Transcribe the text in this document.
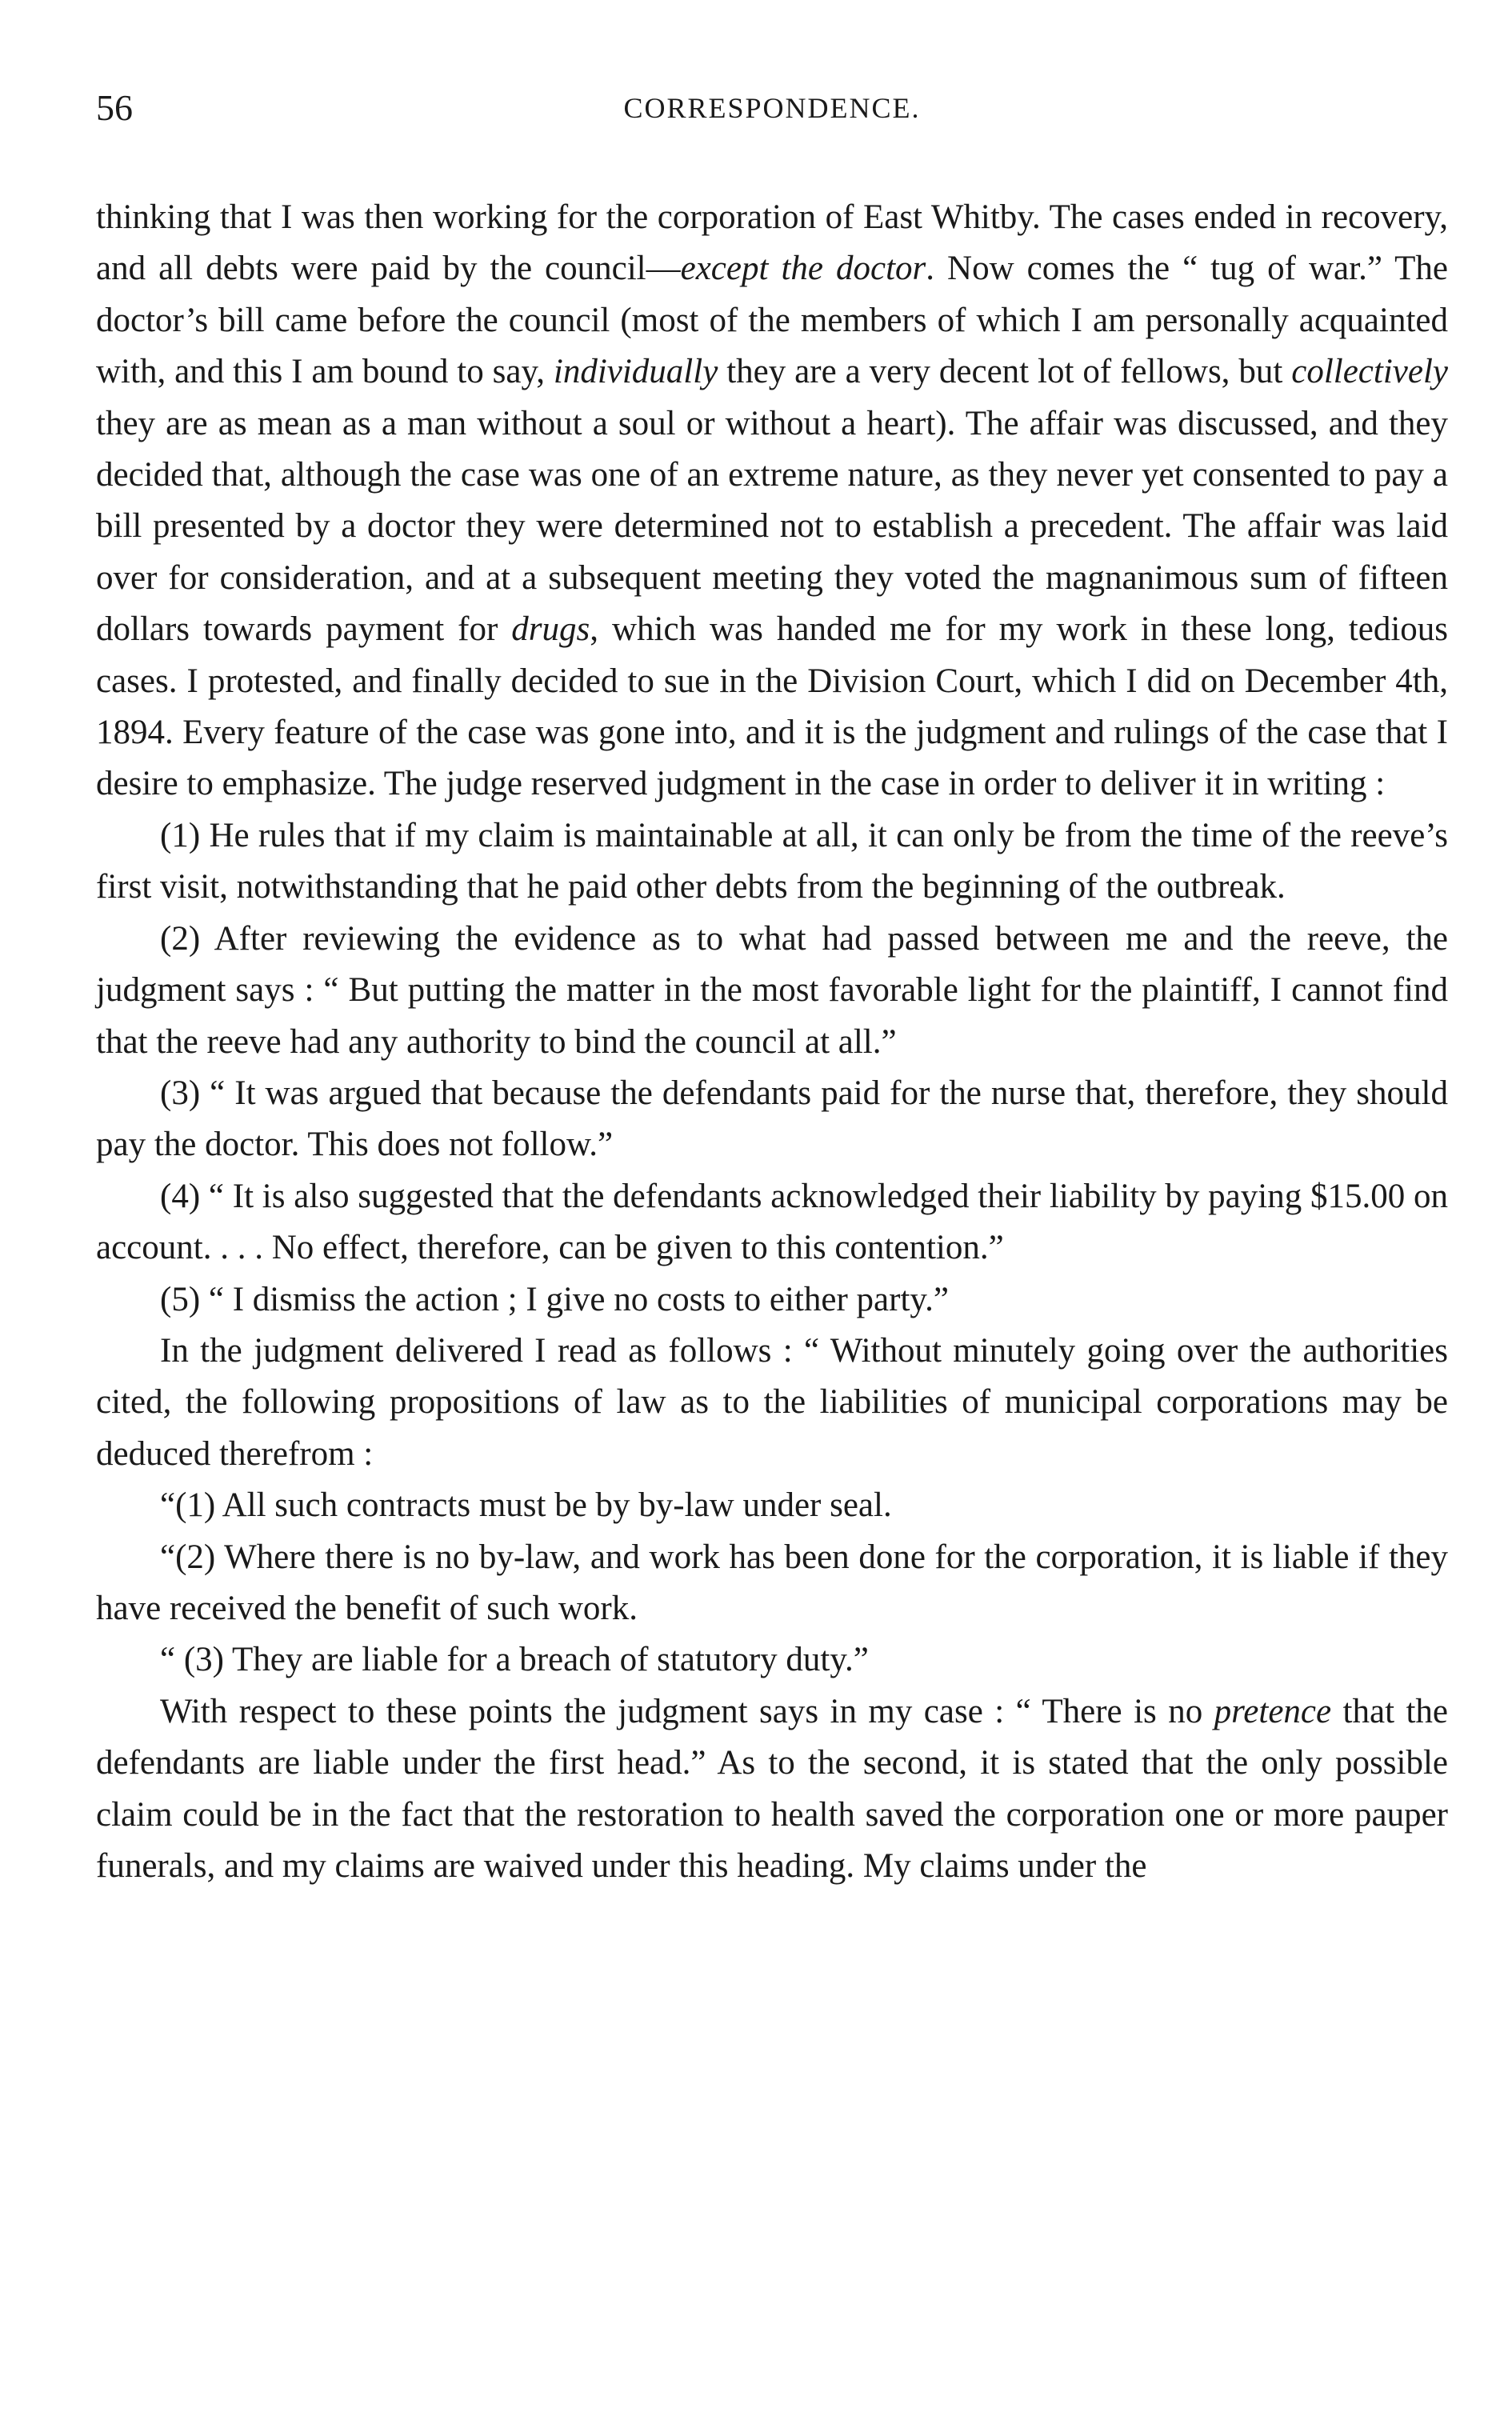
56	CORRESPONDENCE.

thinking that I was then working for the corporation of East Whitby. The cases ended in recovery, and all debts were paid by the council—except the doctor. Now comes the “ tug of war.” The doctor’s bill came before the council (most of the members of which I am personally acquainted with, and this I am bound to say, individually they are a very decent lot of fellows, but collectively they are as mean as a man without a soul or without a heart). The affair was discussed, and they decided that, although the case was one of an extreme nature, as they never yet consented to pay a bill presented by a doctor they were determined not to establish a precedent. The affair was laid over for consideration, and at a subsequent meeting they voted the magnanimous sum of fifteen dollars towards payment for drugs, which was handed me for my work in these long, tedious cases. I protested, and finally decided to sue in the Division Court, which I did on December 4th, 1894. Every feature of the case was gone into, and it is the judgment and rulings of the case that I desire to emphasize. The judge reserved judgment in the case in order to deliver it in writing :

(1) He rules that if my claim is maintainable at all, it can only be from the time of the reeve’s first visit, notwithstanding that he paid other debts from the beginning of the outbreak.

(2) After reviewing the evidence as to what had passed between me and the reeve, the judgment says : “ But putting the matter in the most favorable light for the plaintiff, I cannot find that the reeve had any authority to bind the council at all.”

(3) “ It was argued that because the defendants paid for the nurse that, therefore, they should pay the doctor. This does not follow.”

(4) “ It is also suggested that the defendants acknowledged their liability by paying $15.00 on account. . . . No effect, therefore, can be given to this contention.”

(5) “ I dismiss the action ; I give no costs to either party.”

In the judgment delivered I read as follows : “ Without minutely going over the authorities cited, the following propositions of law as to the liabilities of municipal corporations may be deduced therefrom :

“(1) All such contracts must be by by-law under seal.

“(2) Where there is no by-law, and work has been done for the corporation, it is liable if they have received the benefit of such work.

“ (3) They are liable for a breach of statutory duty.”

With respect to these points the judgment says in my case : “ There is no pretence that the defendants are liable under the first head.” As to the second, it is stated that the only possible claim could be in the fact that the restoration to health saved the corporation one or more pauper funerals, and my claims are waived under this heading. My claims under the
